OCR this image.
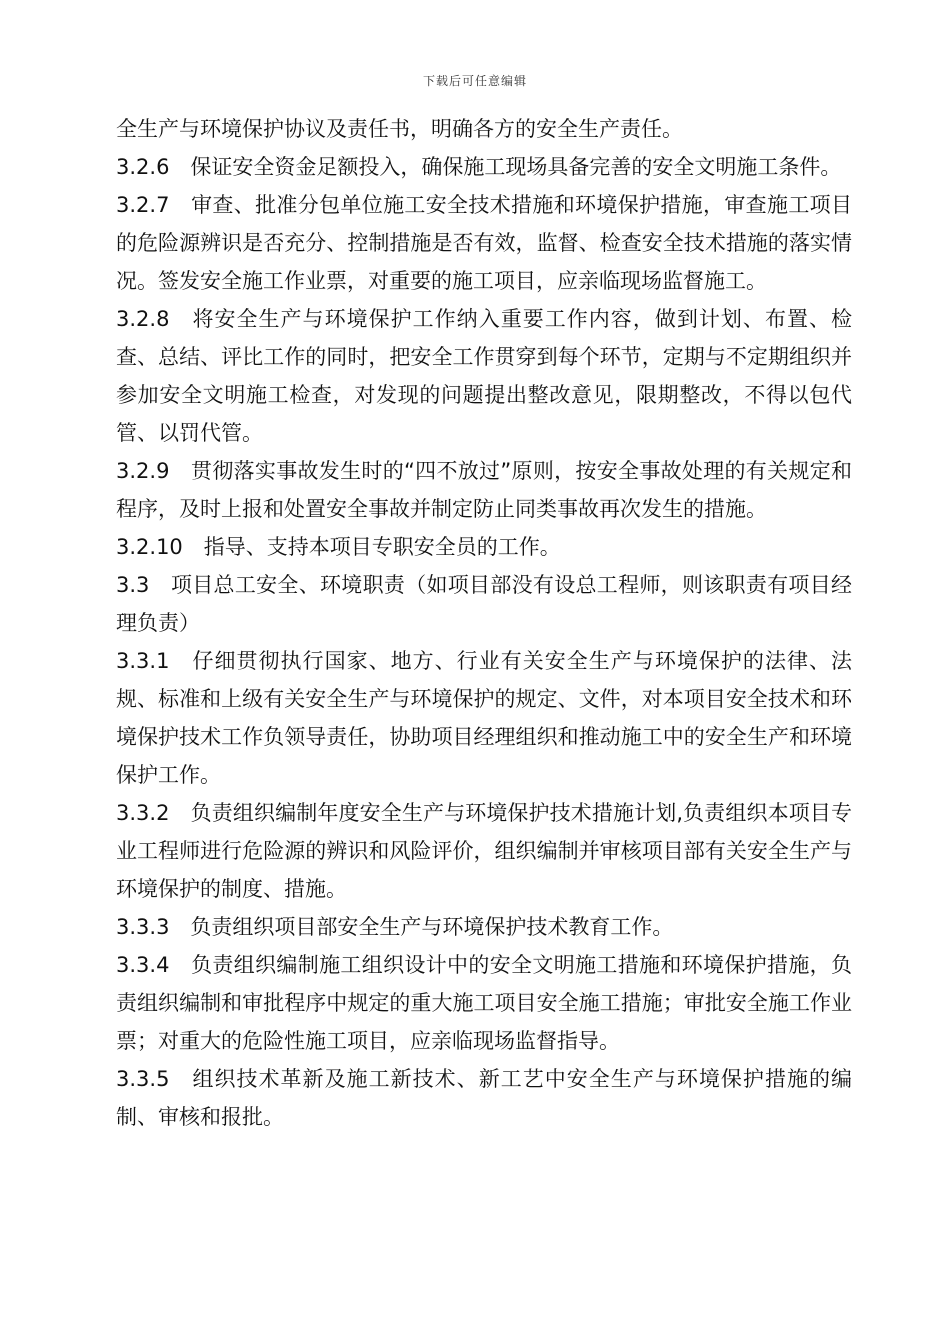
下载后可任意编辑

全生产与环境保护协议及责任书，明确各方的安全生产责任。

3.2.6　保证安全资金足额投入，确保施工现场具备完善的安全文明施工条件。

3.2.7　审查、批准分包单位施工安全技术措施和环境保护措施，审查施工项目的危险源辨识是否充分、控制措施是否有效，监督、检查安全技术措施的落实情况。签发安全施工作业票，对重要的施工项目，应亲临现场监督施工。

3.2.8　将安全生产与环境保护工作纳入重要工作内容，做到计划、布置、检查、总结、评比工作的同时，把安全工作贯穿到每个环节，定期与不定期组织并参加安全文明施工检查，对发现的问题提出整改意见，限期整改，不得以包代管、以罚代管。

3.2.9　贯彻落实事故发生时的“四不放过”原则，按安全事故处理的有关规定和程序，及时上报和处置安全事故并制定防止同类事故再次发生的措施。

3.2.10　指导、支持本项目专职安全员的工作。

3.3　项目总工安全、环境职责（如项目部没有设总工程师，则该职责有项目经理负责）

3.3.1　仔细贯彻执行国家、地方、行业有关安全生产与环境保护的法律、法规、标准和上级有关安全生产与环境保护的规定、文件，对本项目安全技术和环境保护技术工作负领导责任，协助项目经理组织和推动施工中的安全生产和环境保护工作。

3.3.2　负责组织编制年度安全生产与环境保护技术措施计划,负责组织本项目专业工程师进行危险源的辨识和风险评价，组织编制并审核项目部有关安全生产与环境保护的制度、措施。

3.3.3　负责组织项目部安全生产与环境保护技术教育工作。

3.3.4　负责组织编制施工组织设计中的安全文明施工措施和环境保护措施，负责组织编制和审批程序中规定的重大施工项目安全施工措施；审批安全施工作业票；对重大的危险性施工项目，应亲临现场监督指导。

3.3.5　组织技术革新及施工新技术、新工艺中安全生产与环境保护措施的编制、审核和报批。
